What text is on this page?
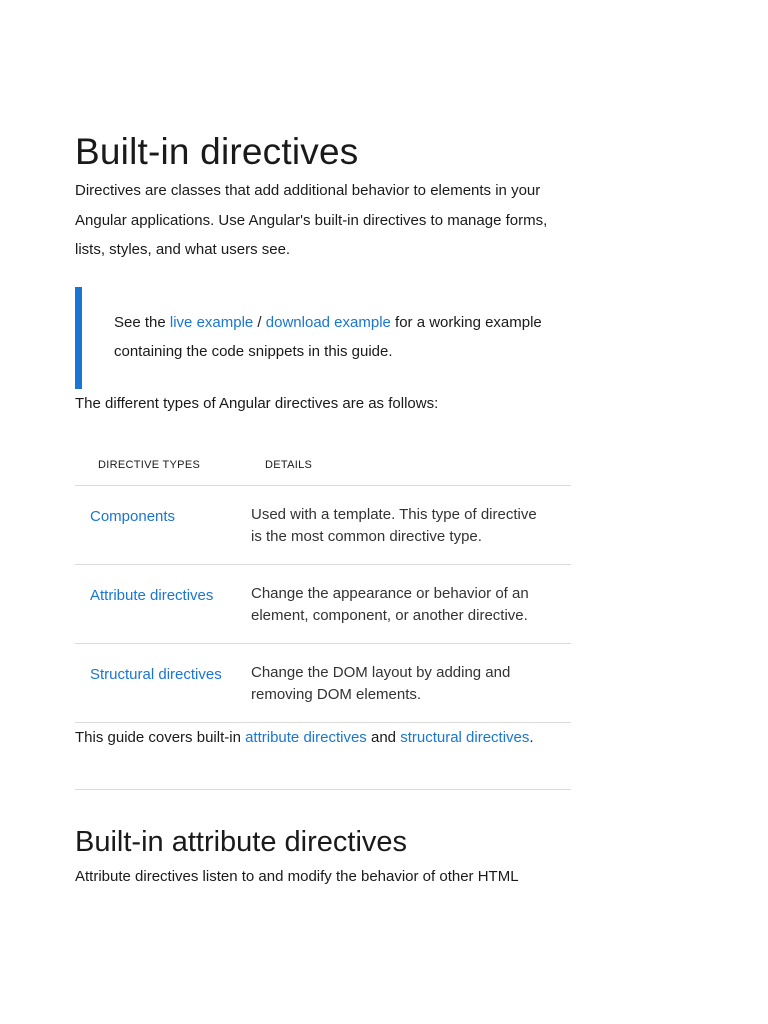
Built-in directives

Directives are classes that add additional behavior to elements in your Angular applications. Use Angular's built-in directives to manage forms, lists, styles, and what users see.

See the live example / download example for a working example containing the code snippets in this guide.

The different types of Angular directives are as follows:

DIRECTIVE TYPES	DETAILS
Components	Used with a template. This type of directive is the most common directive type.
Attribute directives	Change the appearance or behavior of an element, component, or another directive.
Structural directives	Change the DOM layout by adding and removing DOM elements.

This guide covers built-in attribute directives and structural directives.

Built-in attribute directives

Attribute directives listen to and modify the behavior of other HTML
